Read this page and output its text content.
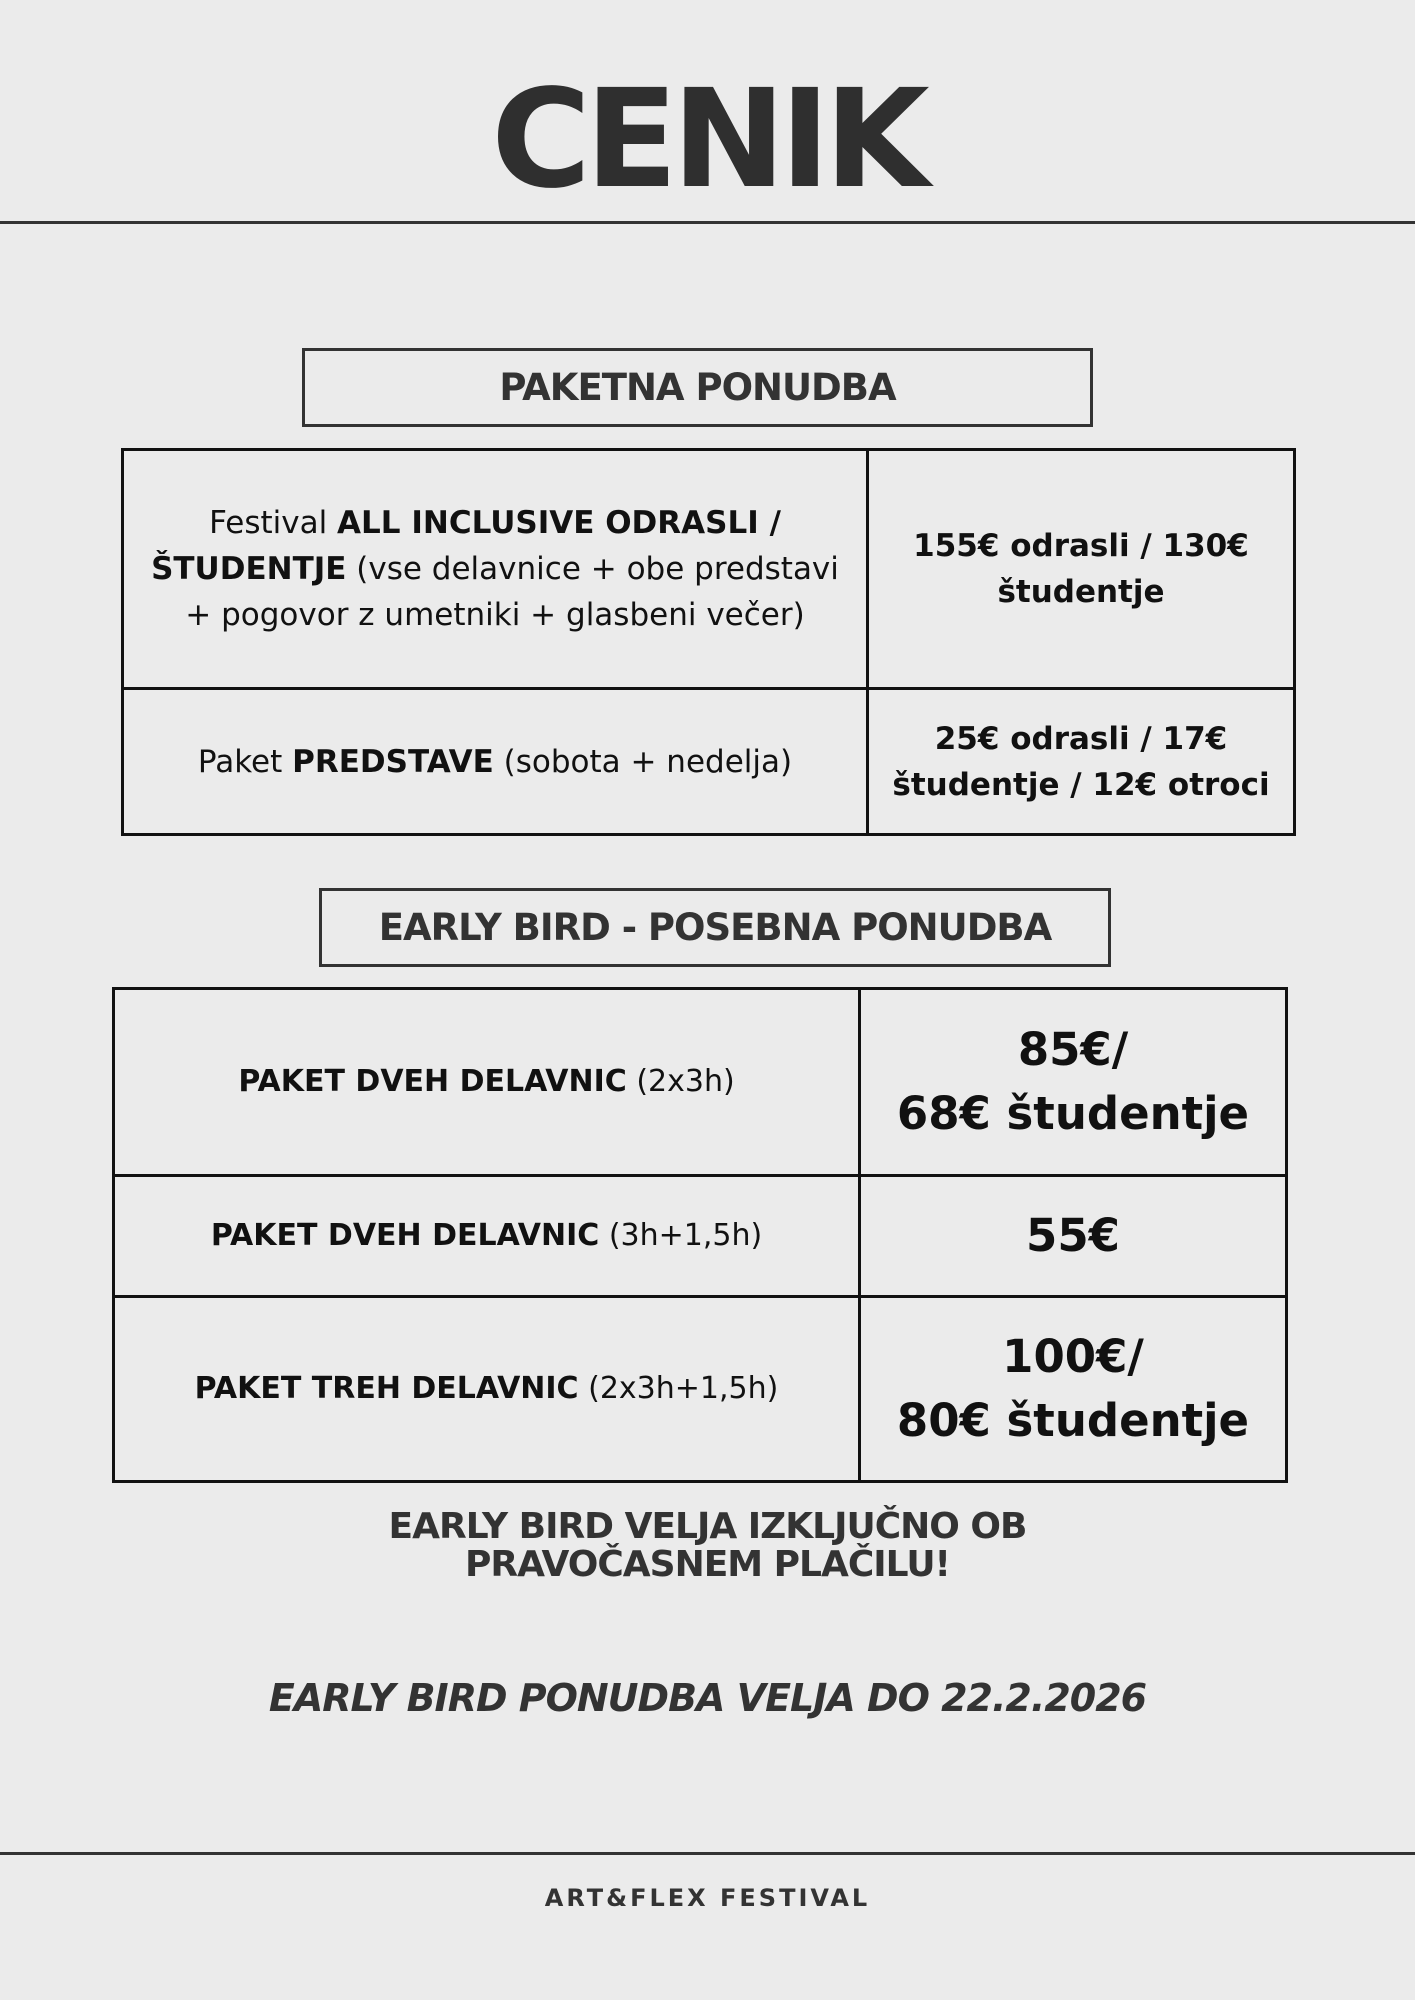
CENIK
PAKETNA PONUDBA
Festival ALL INCLUSIVE ODRASLI / ŠTUDENTJE (vse delavnice + obe predstavi + pogovor z umetniki + glasbeni večer)	155€ odrasli / 130€ študentje
Paket PREDSTAVE (sobota + nedelja)	25€ odrasli / 17€ študentje / 12€ otroci
EARLY BIRD - POSEBNA PONUDBA
PAKET DVEH DELAVNIC (2x3h)	85€/
68€ študentje

PAKET DVEH DELAVNIC (3h+1,5h)	55€

PAKET TREH DELAVNIC (2x3h+1,5h)	100€/
80€ študentje
EARLY BIRD VELJA IZKLJUČNO OB
PRAVOČASNEM PLAČILU!
EARLY BIRD PONUDBA VELJA DO 22.2.2026
ART&FLEX FESTIVAL
